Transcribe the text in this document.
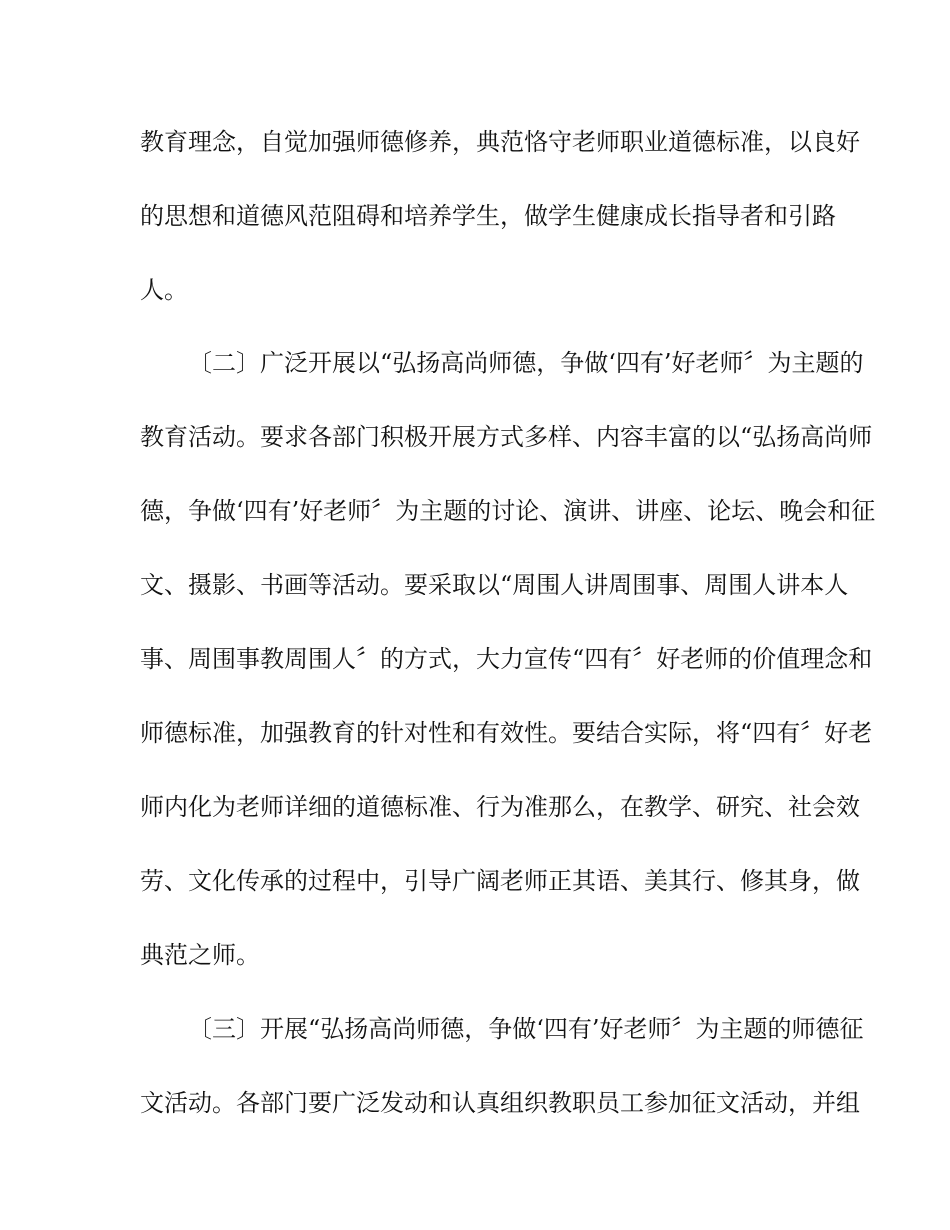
教育理念，自觉加强师德修养，典范恪守老师职业道德标准，以良好
的思想和道德风范阻碍和培养学生，做学生健康成长指导者和引路
人。
〔二〕广泛开展以“弘扬高尚师德，争做‘四有’好老师〞为主题的
教育活动。要求各部门积极开展方式多样、内容丰富的以“弘扬高尚师
德，争做‘四有’好老师〞为主题的讨论、演讲、讲座、论坛、晚会和征
文、摄影、书画等活动。要采取以“周围人讲周围事、周围人讲本人
事、周围事教周围人〞的方式，大力宣传“四有〞好老师的价值理念和
师德标准，加强教育的针对性和有效性。要结合实际，将“四有〞好老
师内化为老师详细的道德标准、行为准那么，在教学、研究、社会效
劳、文化传承的过程中，引导广阔老师正其语、美其行、修其身，做
典范之师。
〔三〕开展“弘扬高尚师德，争做‘四有’好老师〞为主题的师德征
文活动。各部门要广泛发动和认真组织教职员工参加征文活动，并组
